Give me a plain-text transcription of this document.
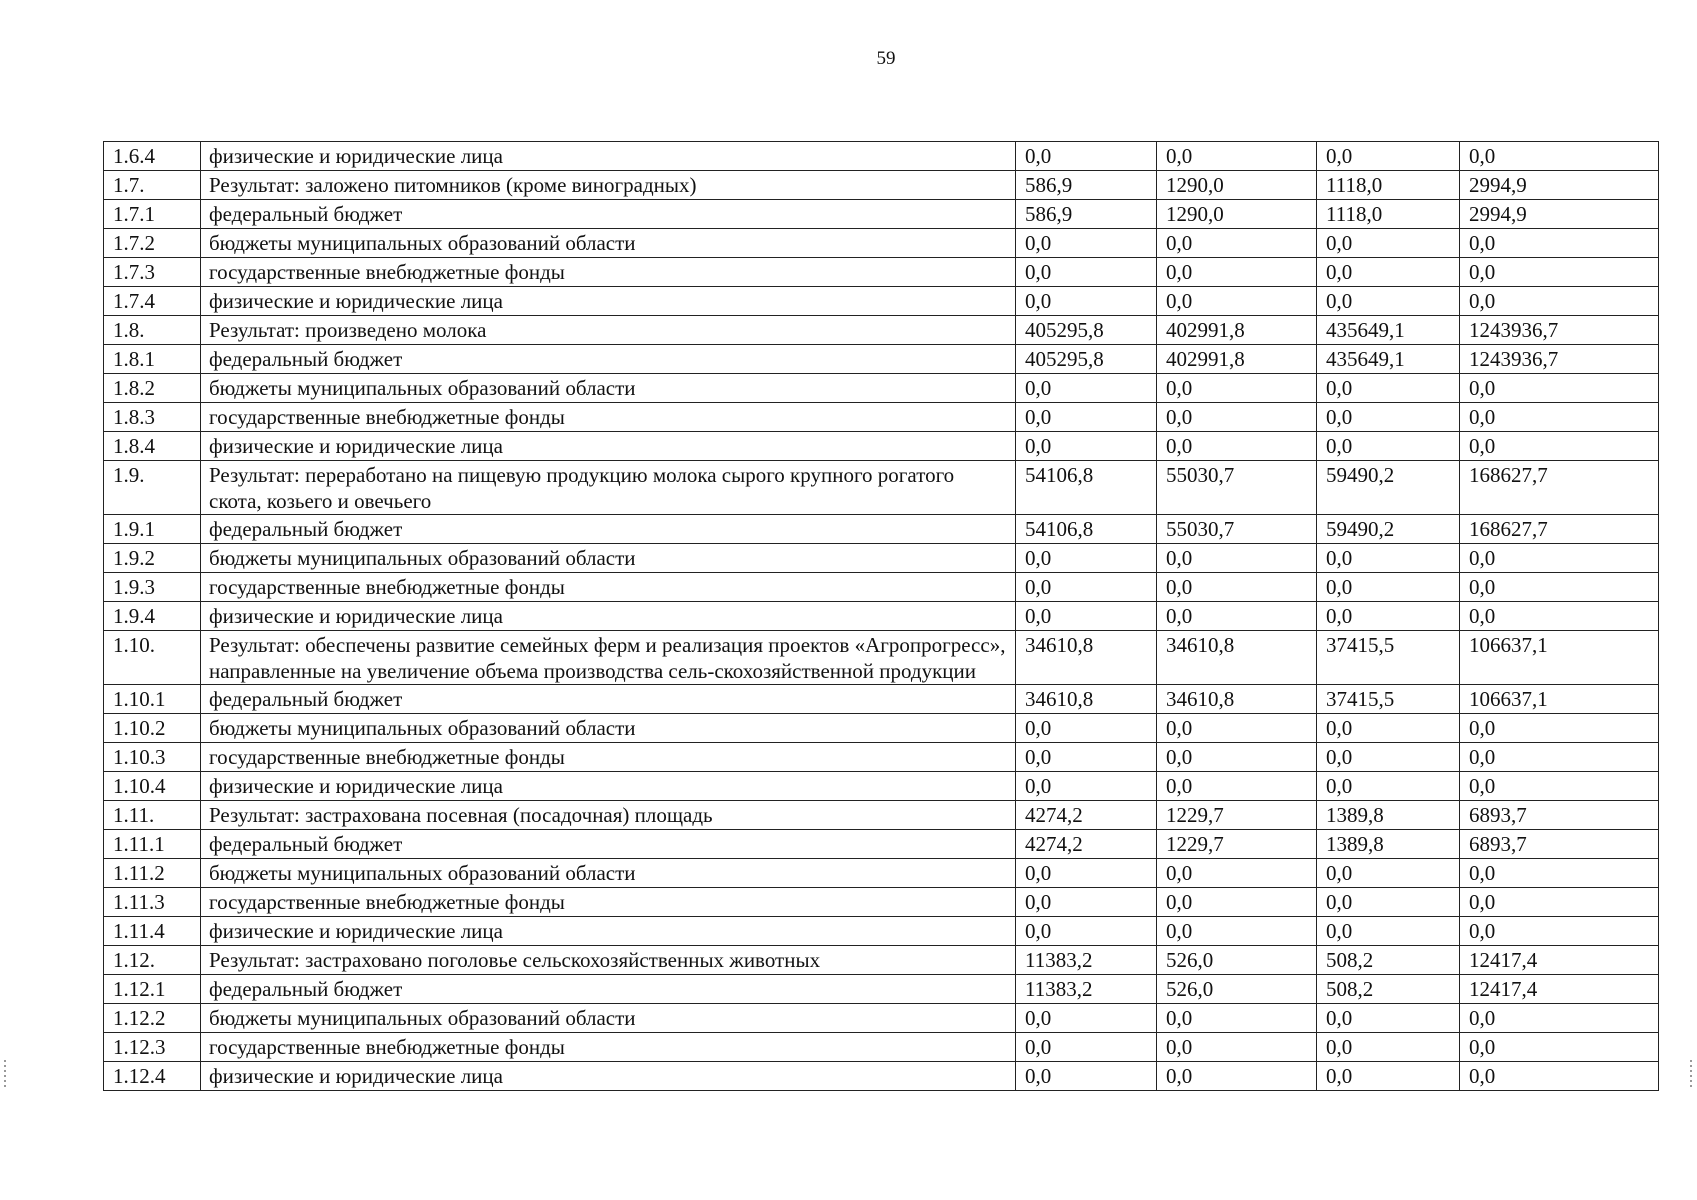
59
1.6.4	физические и юридические лица	0,0	0,0	0,0	0,0
1.7.	Результат: заложено питомников (кроме виноградных)	586,9	1290,0	1118,0	2994,9
1.7.1	федеральный бюджет	586,9	1290,0	1118,0	2994,9
1.7.2	бюджеты муниципальных образований области	0,0	0,0	0,0	0,0
1.7.3	государственные внебюджетные фонды	0,0	0,0	0,0	0,0
1.7.4	физические и юридические лица	0,0	0,0	0,0	0,0
1.8.	Результат: произведено молока	405295,8	402991,8	435649,1	1243936,7
1.8.1	федеральный бюджет	405295,8	402991,8	435649,1	1243936,7
1.8.2	бюджеты муниципальных образований области	0,0	0,0	0,0	0,0
1.8.3	государственные внебюджетные фонды	0,0	0,0	0,0	0,0
1.8.4	физические и юридические лица	0,0	0,0	0,0	0,0
1.9.	Результат: переработано на пищевую продукцию молока сырого крупного рогатого скота, козьего и овечьего	54106,8	55030,7	59490,2	168627,7
1.9.1	федеральный бюджет	54106,8	55030,7	59490,2	168627,7
1.9.2	бюджеты муниципальных образований области	0,0	0,0	0,0	0,0
1.9.3	государственные внебюджетные фонды	0,0	0,0	0,0	0,0
1.9.4	физические и юридические лица	0,0	0,0	0,0	0,0
1.10.	Результат: обеспечены развитие семейных ферм и реализация проектов «Агропрогресс», направленные на увеличение объема производства сель-скохозяйственной продукции	34610,8	34610,8	37415,5	106637,1
1.10.1	федеральный бюджет	34610,8	34610,8	37415,5	106637,1
1.10.2	бюджеты муниципальных образований области	0,0	0,0	0,0	0,0
1.10.3	государственные внебюджетные фонды	0,0	0,0	0,0	0,0
1.10.4	физические и юридические лица	0,0	0,0	0,0	0,0
1.11.	Результат: застрахована посевная (посадочная) площадь	4274,2	1229,7	1389,8	6893,7
1.11.1	федеральный бюджет	4274,2	1229,7	1389,8	6893,7
1.11.2	бюджеты муниципальных образований области	0,0	0,0	0,0	0,0
1.11.3	государственные внебюджетные фонды	0,0	0,0	0,0	0,0
1.11.4	физические и юридические лица	0,0	0,0	0,0	0,0
1.12.	Результат: застраховано поголовье сельскохозяйственных животных	11383,2	526,0	508,2	12417,4
1.12.1	федеральный бюджет	11383,2	526,0	508,2	12417,4
1.12.2	бюджеты муниципальных образований области	0,0	0,0	0,0	0,0
1.12.3	государственные внебюджетные фонды	0,0	0,0	0,0	0,0
1.12.4	физические и юридические лица	0,0	0,0	0,0	0,0
